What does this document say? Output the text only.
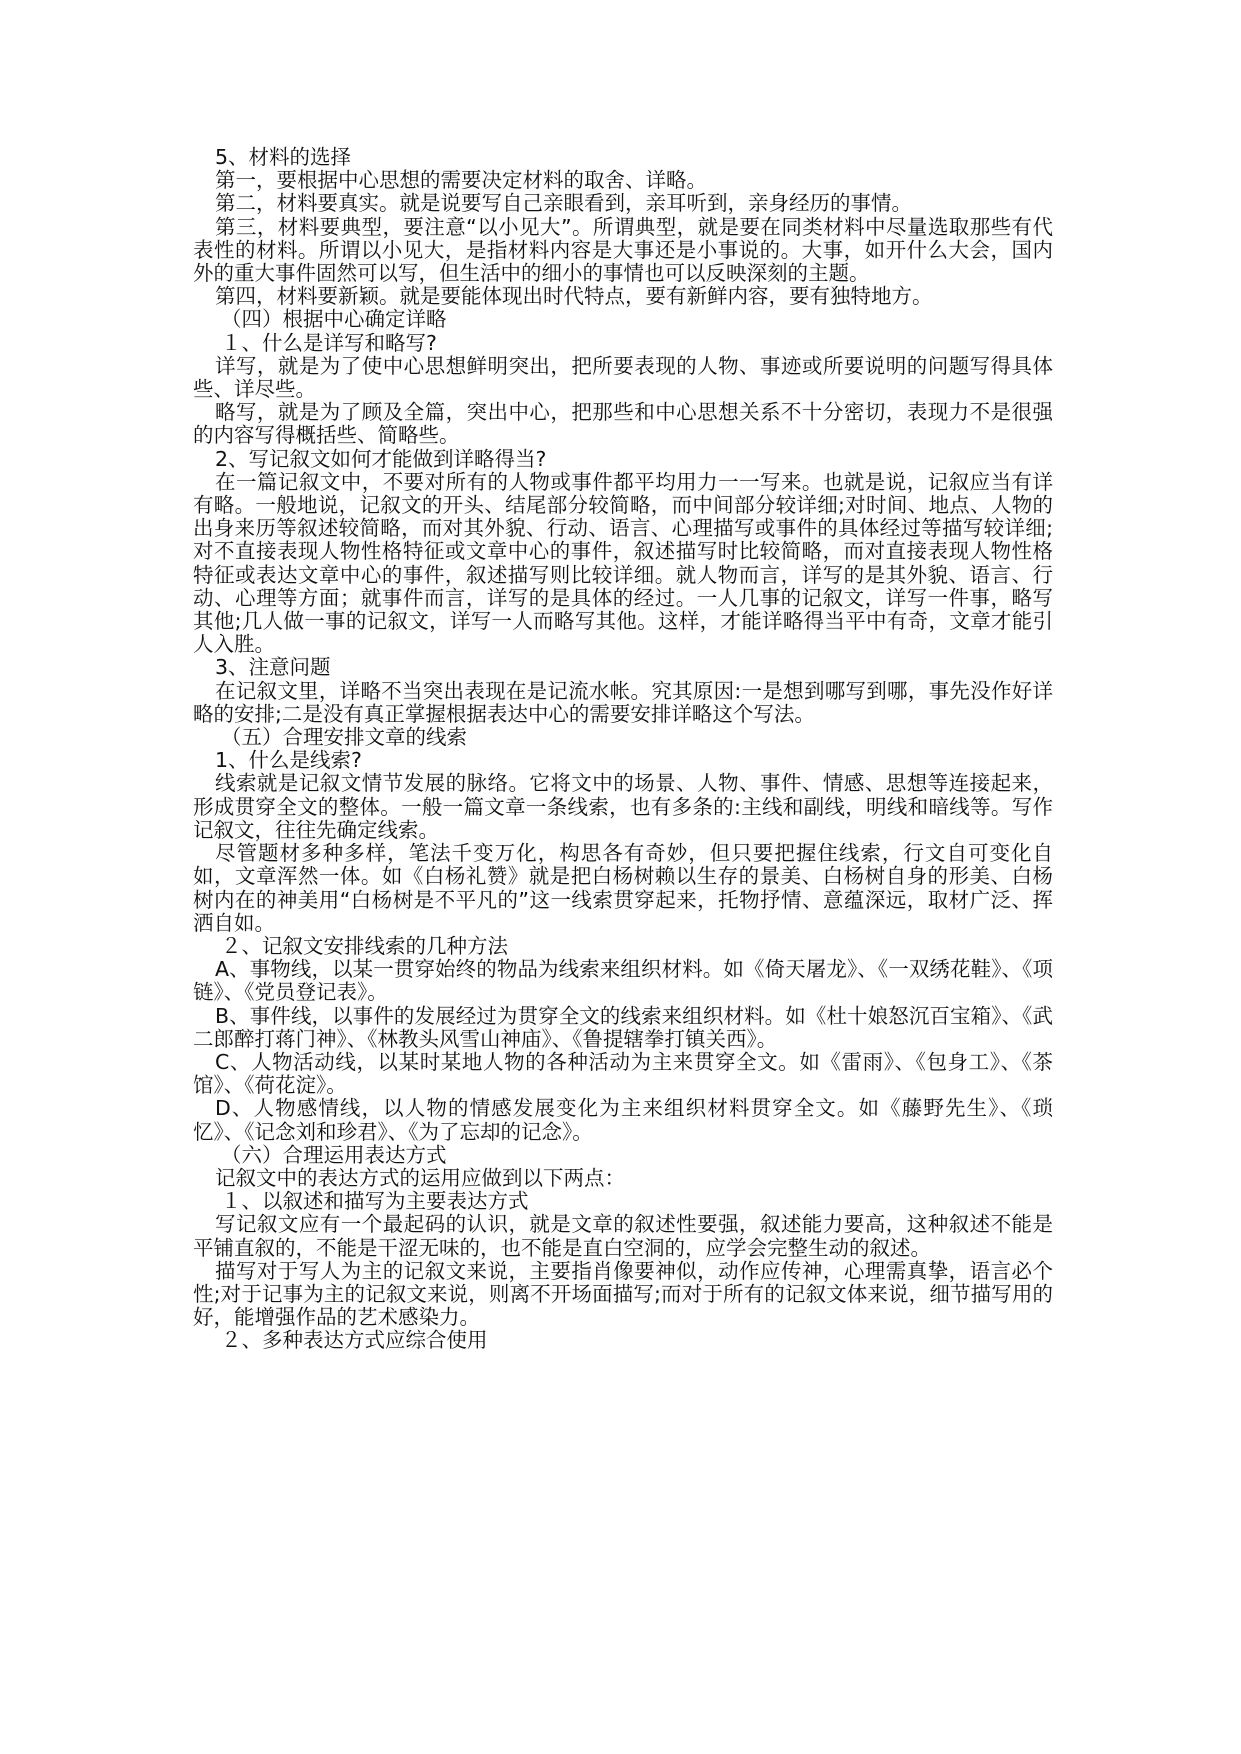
5、材料的选择

第一，要根据中心思想的需要决定材料的取舍、详略。

第二，材料要真实。就是说要写自己亲眼看到，亲耳听到，亲身经历的事情。

第三，材料要典型，要注意“以小见大”。所谓典型，就是要在同类材料中尽量选取那些有代表性的材料。所谓以小见大，是指材料内容是大事还是小事说的。大事，如开什么大会，国内外的重大事件固然可以写，但生活中的细小的事情也可以反映深刻的主题。

第四，材料要新颖。就是要能体现出时代特点，要有新鲜内容，要有独特地方。

（四）根据中心确定详略

１、什么是详写和略写?

详写，就是为了使中心思想鲜明突出，把所要表现的人物、事迹或所要说明的问题写得具体些、详尽些。

略写，就是为了顾及全篇，突出中心，把那些和中心思想关系不十分密切，表现力不是很强的内容写得概括些、简略些。

2、写记叙文如何才能做到详略得当?

在一篇记叙文中，不要对所有的人物或事件都平均用力一一写来。也就是说，记叙应当有详有略。一般地说，记叙文的开头、结尾部分较简略，而中间部分较详细;对时间、地点、人物的出身来历等叙述较简略，而对其外貌、行动、语言、心理描写或事件的具体经过等描写较详细;对不直接表现人物性格特征或文章中心的事件，叙述描写时比较简略，而对直接表现人物性格特征或表达文章中心的事件，叙述描写则比较详细。就人物而言，详写的是其外貌、语言、行动、心理等方面；就事件而言，详写的是具体的经过。一人几事的记叙文，详写一件事，略写其他;几人做一事的记叙文，详写一人而略写其他。这样，才能详略得当平中有奇，文章才能引人入胜。

3、注意问题

在记叙文里，详略不当突出表现在是记流水帐。究其原因:一是想到哪写到哪，事先没作好详略的安排;二是没有真正掌握根据表达中心的需要安排详略这个写法。

（五）合理安排文章的线索

1、什么是线索?

线索就是记叙文情节发展的脉络。它将文中的场景、人物、事件、情感、思想等连接起来，形成贯穿全文的整体。一般一篇文章一条线索，也有多条的:主线和副线，明线和暗线等。写作记叙文，往往先确定线索。

尽管题材多种多样，笔法千变万化，构思各有奇妙，但只要把握住线索，行文自可变化自如，文章浑然一体。如《白杨礼赞》就是把白杨树赖以生存的景美、白杨树自身的形美、白杨树内在的神美用“白杨树是不平凡的”这一线索贯穿起来，托物抒情、意蕴深远，取材广泛、挥洒自如。

２、记叙文安排线索的几种方法

A、事物线，以某一贯穿始终的物品为线索来组织材料。如《倚天屠龙》、《一双绣花鞋》、《项链》、《党员登记表》。

B、事件线，以事件的发展经过为贯穿全文的线索来组织材料。如《杜十娘怒沉百宝箱》、《武二郎醉打蒋门神》、《林教头风雪山神庙》、《鲁提辖拳打镇关西》。

C、人物活动线，以某时某地人物的各种活动为主来贯穿全文。如《雷雨》、《包身工》、《茶馆》、《荷花淀》。

D、人物感情线，以人物的情感发展变化为主来组织材料贯穿全文。如《藤野先生》、《琐忆》、《记念刘和珍君》、《为了忘却的记念》。

（六）合理运用表达方式

记叙文中的表达方式的运用应做到以下两点：

１、以叙述和描写为主要表达方式

写记叙文应有一个最起码的认识，就是文章的叙述性要强，叙述能力要高，这种叙述不能是平铺直叙的，不能是干涩无味的，也不能是直白空洞的，应学会完整生动的叙述。

描写对于写人为主的记叙文来说，主要指肖像要神似，动作应传神，心理需真挚，语言必个性;对于记事为主的记叙文来说，则离不开场面描写;而对于所有的记叙文体来说，细节描写用的好，能增强作品的艺术感染力。

２、多种表达方式应综合使用
